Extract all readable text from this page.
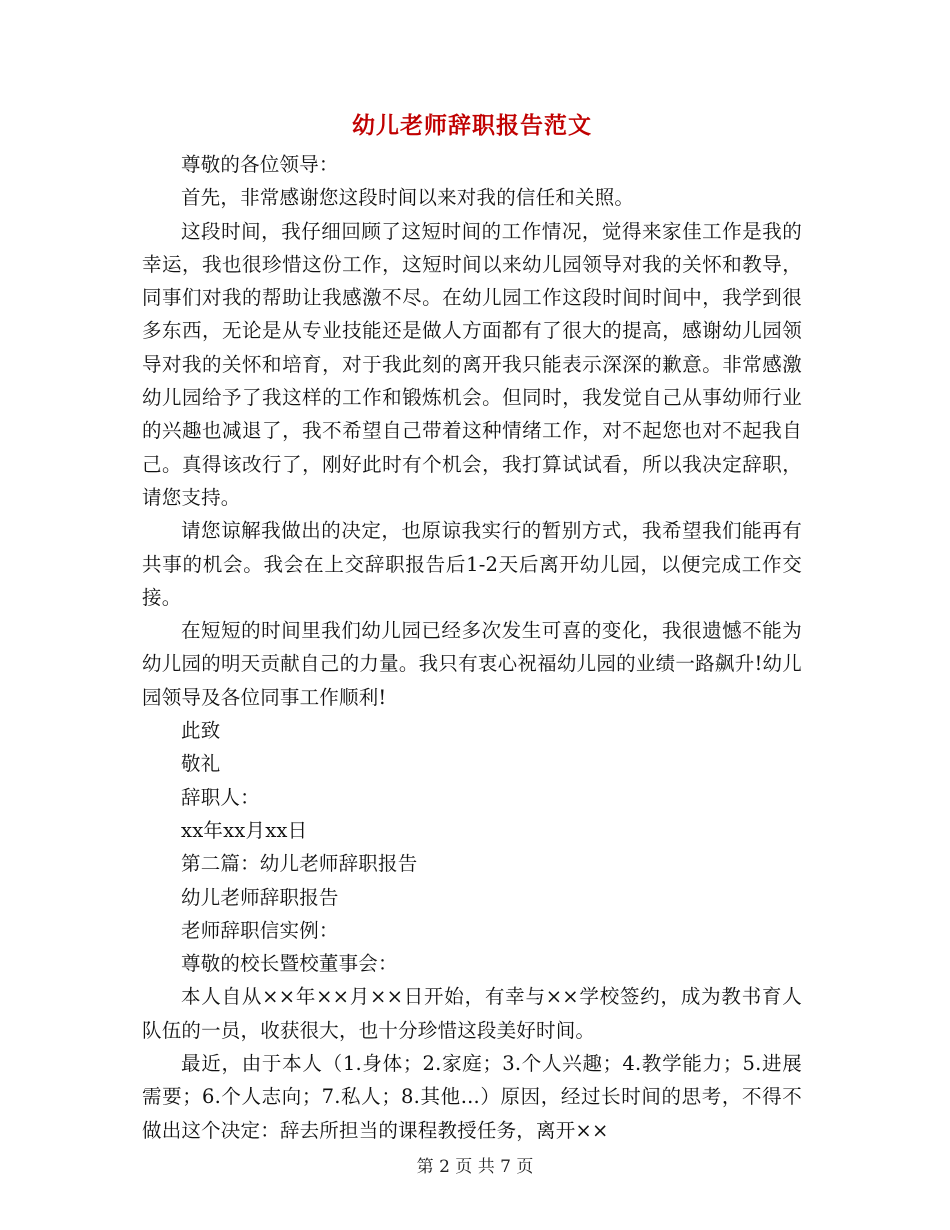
幼儿老师辞职报告范文

尊敬的各位领导：

首先，非常感谢您这段时间以来对我的信任和关照。

这段时间，我仔细回顾了这短时间的工作情况，觉得来家佳工作是我的幸运，我也很珍惜这份工作，这短时间以来幼儿园领导对我的关怀和教导，同事们对我的帮助让我感激不尽。在幼儿园工作这段时间时间中，我学到很多东西，无论是从专业技能还是做人方面都有了很大的提高，感谢幼儿园领导对我的关怀和培育，对于我此刻的离开我只能表示深深的歉意。非常感激幼儿园给予了我这样的工作和锻炼机会。但同时，我发觉自己从事幼师行业的兴趣也减退了，我不希望自己带着这种情绪工作，对不起您也对不起我自己。真得该改行了，刚好此时有个机会，我打算试试看，所以我决定辞职，请您支持。

请您谅解我做出的决定，也原谅我实行的暂别方式，我希望我们能再有共事的机会。我会在上交辞职报告后1-2天后离开幼儿园，以便完成工作交接。

在短短的时间里我们幼儿园已经多次发生可喜的变化，我很遗憾不能为幼儿园的明天贡献自己的力量。我只有衷心祝福幼儿园的业绩一路飙升!幼儿园领导及各位同事工作顺利!

此致

敬礼

辞职人：

xx年xx月xx日

第二篇：幼儿老师辞职报告

幼儿老师辞职报告

老师辞职信实例：

尊敬的校长暨校董事会：

本人自从××年××月××日开始，有幸与××学校签约，成为教书育人队伍的一员，收获很大，也十分珍惜这段美好时间。

最近，由于本人（1.身体；2.家庭；3.个人兴趣；4.教学能力；5.进展需要；6.个人志向；7.私人；8.其他...）原因，经过长时间的思考，不得不做出这个决定：辞去所担当的课程教授任务，离开××

第 2 页 共 7 页
